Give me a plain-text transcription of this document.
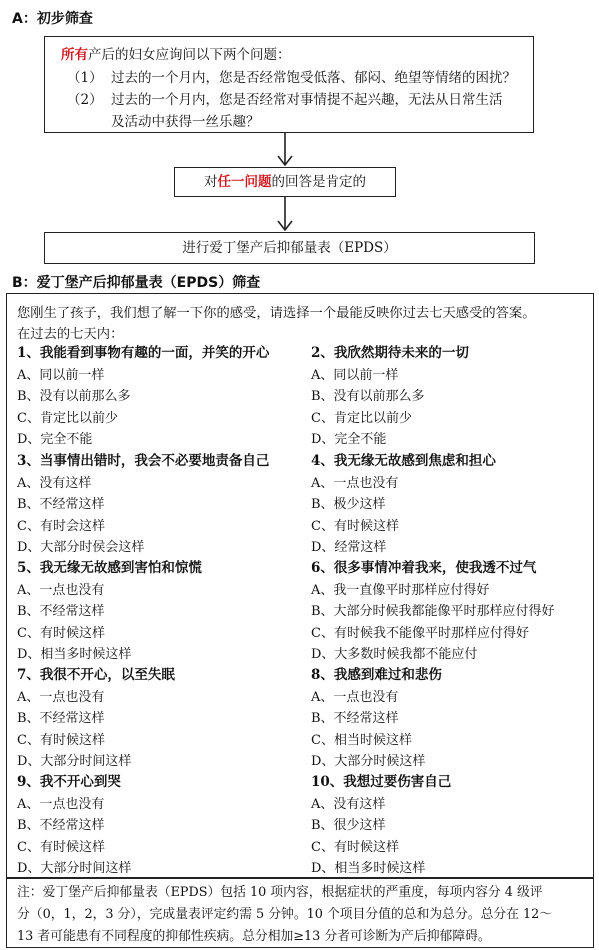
A：初步筛查
所有产后的妇女应询问以下两个问题：
（1） 过去的一个月内，您是否经常饱受低落、郁闷、绝望等情绪的困扰？
（2） 过去的一个月内，您是否经常对事情提不起兴趣，无法从日常生活
及活动中获得一丝乐趣？
对任一问题的回答是肯定的
进行爱丁堡产后抑郁量表（EPDS）
B：爱丁堡产后抑郁量表（EPDS）筛查
您刚生了孩子，我们想了解一下你的感受，请选择一个最能反映你过去七天感受的答案。
在过去的七天内：
1、我能看到事物有趣的一面，并笑的开心
A、同以前一样
B、没有以前那么多
C、肯定比以前少
D、完全不能
2、我欣然期待未来的一切
A、同以前一样
B、没有以前那么多
C、肯定比以前少
D、完全不能
3、当事情出错时，我会不必要地责备自己
A、没有这样
B、不经常这样
C、有时会这样
D、大部分时侯会这样
4、我无缘无故感到焦虑和担心
A、一点也没有
B、极少这样
C、有时候这样
D、经常这样
5、我无缘无故感到害怕和惊慌
A、一点也没有
B、不经常这样
C、有时候这样
D、相当多时候这样
6、很多事情冲着我来，使我透不过气
A、我一直像平时那样应付得好
B、大部分时候我都能像平时那样应付得好
C、有时候我不能像平时那样应付得好
D、大多数时候我都不能应付
7、我很不开心，以至失眠
A、一点也没有
B、不经常这样
C、有时候这样
D、大部分时间这样
8、我感到难过和悲伤
A、一点也没有
B、不经常这样
C、相当时候这样
D、大部分时候这样
9、我不开心到哭
A、一点也没有
B、不经常这样
C、有时候这样
D、大部分时间这样
10、我想过要伤害自己
A、没有这样
B、很少这样
C、有时候这样
D、相当多时候这样
注：爱丁堡产后抑郁量表（EPDS）包括 10 项内容，根据症状的严重度，每项内容分 4 级评
分（0，1，2，3 分），完成量表评定约需 5 分钟。10 个项目分值的总和为总分。总分在 12～
13 者可能患有不同程度的抑郁性疾病。总分相加≥13 分者可诊断为产后抑郁障碍。
